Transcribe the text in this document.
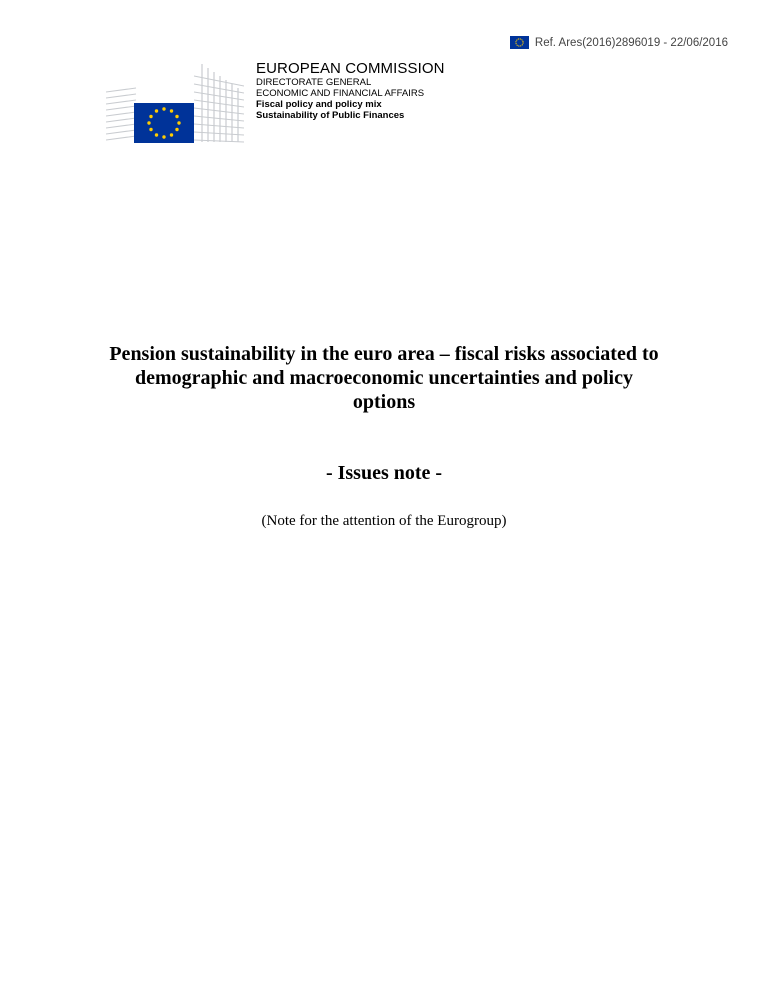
Ref. Ares(2016)2896019 - 22/06/2016
EUROPEAN COMMISSION
DIRECTORATE GENERAL
ECONOMIC AND FINANCIAL AFFAIRS
Fiscal policy and policy mix
Sustainability of Public Finances
Pension sustainability in the euro area – fiscal risks associated to
demographic and macroeconomic uncertainties and policy
options
- Issues note -
(Note for the attention of the Eurogroup)
